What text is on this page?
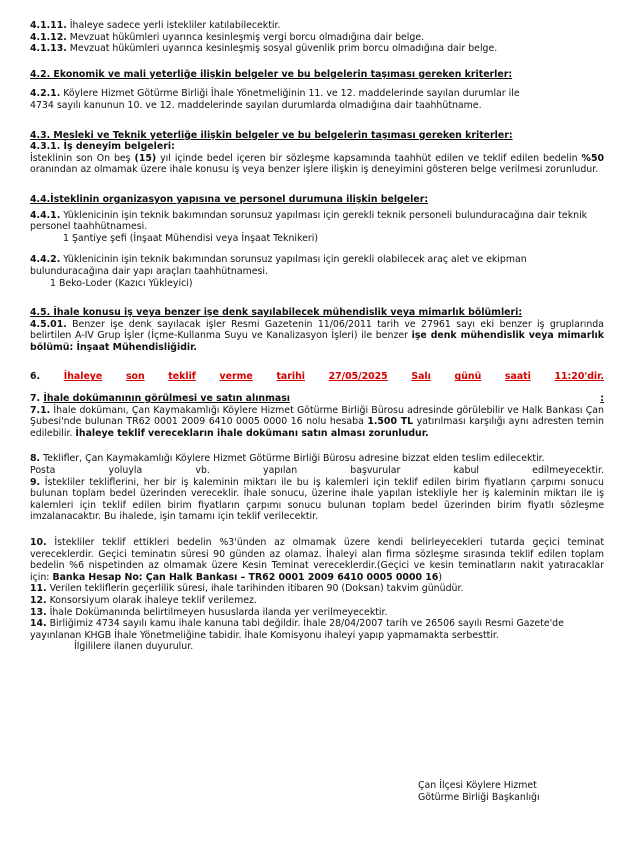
4.1.11. İhaleye sadece yerli istekliler katılabilecektir.

4.1.12. Mevzuat hükümleri uyarınca kesinleşmiş vergi borcu olmadığına dair belge.

4.1.13. Mevzuat hükümleri uyarınca kesinleşmiş sosyal güvenlik prim borcu olmadığına dair belge.

4.2. Ekonomik ve mali yeterliğe ilişkin belgeler ve bu belgelerin taşıması gereken kriterler:

4.2.1. Köylere Hizmet Götürme Birliği İhale Yönetmeliğinin 11. ve 12. maddelerinde sayılan durumlar ile

4734 sayılı kanunun 10. ve 12. maddelerinde sayılan durumlarda olmadığına dair taahhütname.

4.3. Mesleki ve Teknik yeterliğe ilişkin belgeler ve bu belgelerin taşıması gereken kriterler:

4.3.1. İş deneyim belgeleri:

İsteklinin son On beş (15) yıl içinde bedel içeren bir sözleşme kapsamında taahhüt edilen ve teklif edilen bedelin %50 oranından az olmamak üzere ihale konusu iş veya benzer işlere ilişkin iş deneyimini gösteren belge verilmesi zorunludur.

4.4.İsteklinin organizasyon yapısına ve personel durumuna ilişkin belgeler:

4.4.1. Yüklenicinin işin teknik bakımından sorunsuz yapılması için gerekli teknik personeli bulunduracağına dair teknik personel taahhütnamesi.

1 Şantiye şefi (İnşaat Mühendisi veya İnşaat Teknikeri)

4.4.2. Yüklenicinin işin teknik bakımından sorunsuz yapılması için gerekli olabilecek araç alet ve ekipman bulunduracağına dair yapı araçları taahhütnamesi.

1 Beko-Loder (Kazıcı Yükleyici)

4.5. İhale konusu iş veya benzer işe denk sayılabilecek mühendislik veya mimarlık bölümleri:

4.5.01. Benzer işe denk sayılacak işler Resmi Gazetenin 11/06/2011 tarih ve 27961 sayı eki benzer iş gruplarında belirtilen A-IV Grup İşler (İçme-Kullanma Suyu ve Kanalizasyon İşleri) ile benzer işe denk mühendislik veya mimarlık bölümü: İnşaat Mühendisliğidir.

6.	İhaleye	son	teklif	verme	tarihi	27/05/2025	Salı	günü	saati	11:20'dir.
7. İhale dokümanının görülmesi ve satın alınması	:

7.1. İhale dokümanı, Çan Kaymakamlığı Köylere Hizmet Götürme Birliği Bürosu adresinde görülebilir ve Halk Bankası Çan Şubesi'nde bulunan TR62 0001 2009 6410 0005 0000 16 nolu hesaba 1.500 TL yatırılması karşılığı aynı adresten temin edilebilir. İhaleye teklif verecekların ihale dokümanı satın alması zorunludur.

8. Teklifler, Çan Kaymakamlığı Köylere Hizmet Götürme Birliği Bürosu adresine bizzat elden teslim edilecektir.

Posta	yoluyla	vb.	yapılan	başvurular	kabul	edilmeyecektir.

9. İstekliler tekliflerini, her bir iş kaleminin miktarı ile bu iş kalemleri için teklif edilen birim fiyatların çarpımı sonucu bulunan toplam bedel üzerinden vereceklir. İhale sonucu, üzerine ihale yapılan istekliyle her iş kaleminin miktarı ile iş kalemleri için teklif edilen birim fiyatların çarpımı sonucu bulunan toplam bedel üzerinden birim fiyatlı sözleşme imzalanacaktır. Bu ihalede, işin tamamı için teklif verilecektir.

10. İstekliler teklif ettikleri bedelin %3'ünden az olmamak üzere kendi belirleyecekleri tutarda geçici teminat vereceklerdir. Geçici teminatın süresi 90 günden az olamaz. İhaleyi alan firma sözleşme sırasında teklif edilen toplam bedelin %6 nispetinden az olmamak üzere Kesin Teminat vereceklerdir.(Geçici ve kesin teminatların nakit yatıracaklar için: Banka Hesap No: Çan Halk Bankası – TR62 0001 2009 6410 0005 0000 16)

11. Verilen tekliflerin geçerlilik süresi, ihale tarihinden itibaren 90 (Doksan) takvim günüdür.

12. Konsorsiyum olarak ihaleye teklif verilemez.

13. İhale Dokümanında belirtilmeyen hususlarda ilanda yer verilmeyecektir.

14. Birliğimiz 4734 sayılı kamu ihale kanuna tabi değildir. İhale 28/04/2007 tarih ve 26506 sayılı Resmi Gazete'de yayınlanan KHGB İhale Yönetmeliğine tabidir. İhale Komisyonu ihaleyi yapıp yapmamakta serbesttir.

İlgililere ilanen duyurulur.

Çan İlçesi Köylere Hizmet

Götürme Birliği Başkanlığı
